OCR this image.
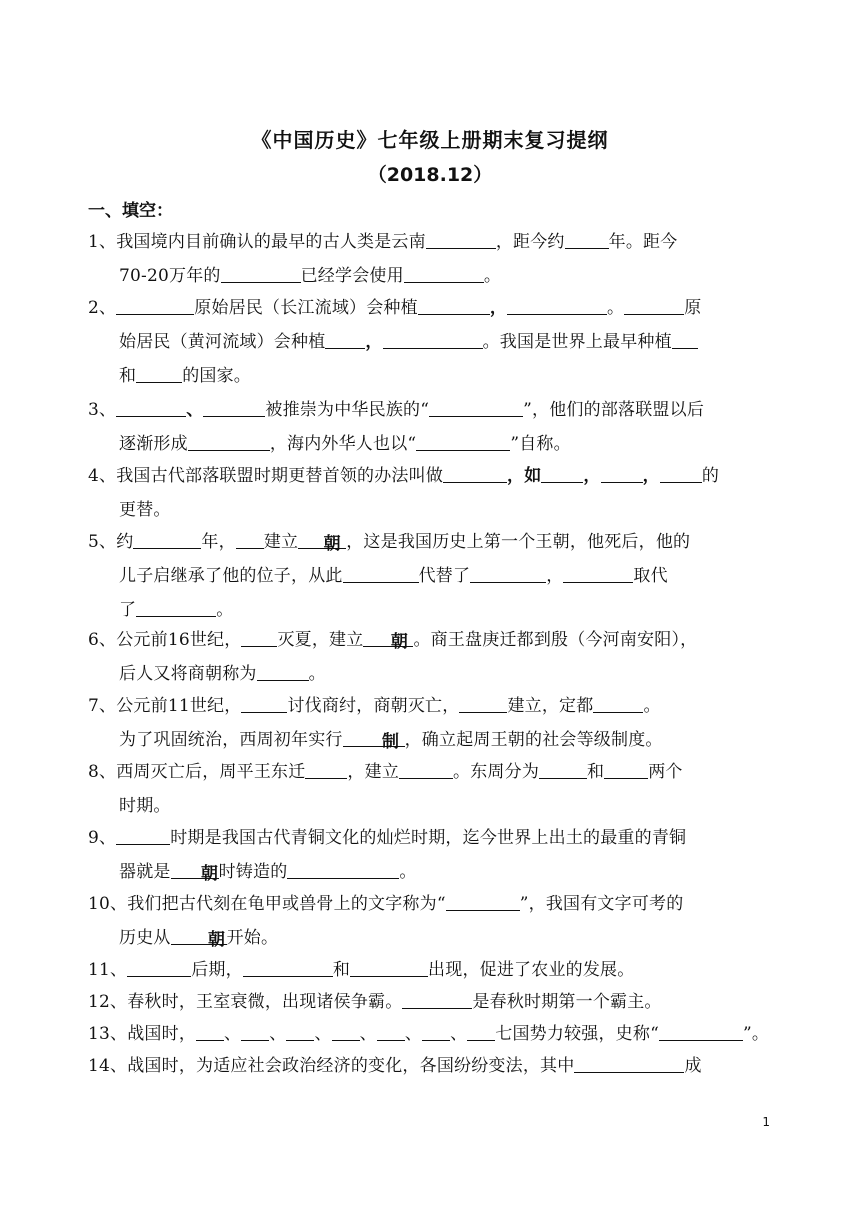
《中国历史》七年级上册期末复习提纲
（2018.12）
一、填空：
1、我国境内目前确认的最早的古人类是云南	，距今约	年。距今
70-20万年的	已经学会使用	。
2、	原始居民（长江流域）会种植	，	。	原
始居民（黄河流域）会种植 ，	。我国是世界上最早种植
和	的国家。
3、	、	被推崇为中华民族的“	”，他们的部落联盟以后
逐渐形成	，海内外华人也以“	”自称。
4、我国古代部落联盟时期更替首领的办法叫做	，如 ， ， 的
更替。
5、约	年， 建立 朝 ，这是我国历史上第一个王朝，他死后，他的
儿子启继承了他的位子，从此	代替了	，	取代
了	。
6、公元前16世纪， 灭夏，建立 朝 。商王盘庚迁都到殷（今河南安阳），
后人又将商朝称为	。
7、公元前11世纪，	讨伐商纣，商朝灭亡，	建立，定都	。
为了巩固统治，西周初年实行 制 ，确立起周王朝的社会等级制度。
8、西周灭亡后，周平王东迁 ，建立	。东周分为	和	两个
时期。
9、	时期是我国古代青铜文化的灿烂时期，迄今世界上出土的最重的青铜
器就是 朝时铸造的	。
10、我们把古代刻在龟甲或兽骨上的文字称为“	”，我国有文字可考的
历史从 朝开始。
11、	后期，	和	出现，促进了农业的发展。
12、春秋时，王室衰微，出现诸侯争霸。	是春秋时期第一个霸主。
13、战国时， 、 、 、 、 、 、 七国势力较强，史称“	”。
14、战国时，为适应社会政治经济的变化，各国纷纷变法，其中	成
1
